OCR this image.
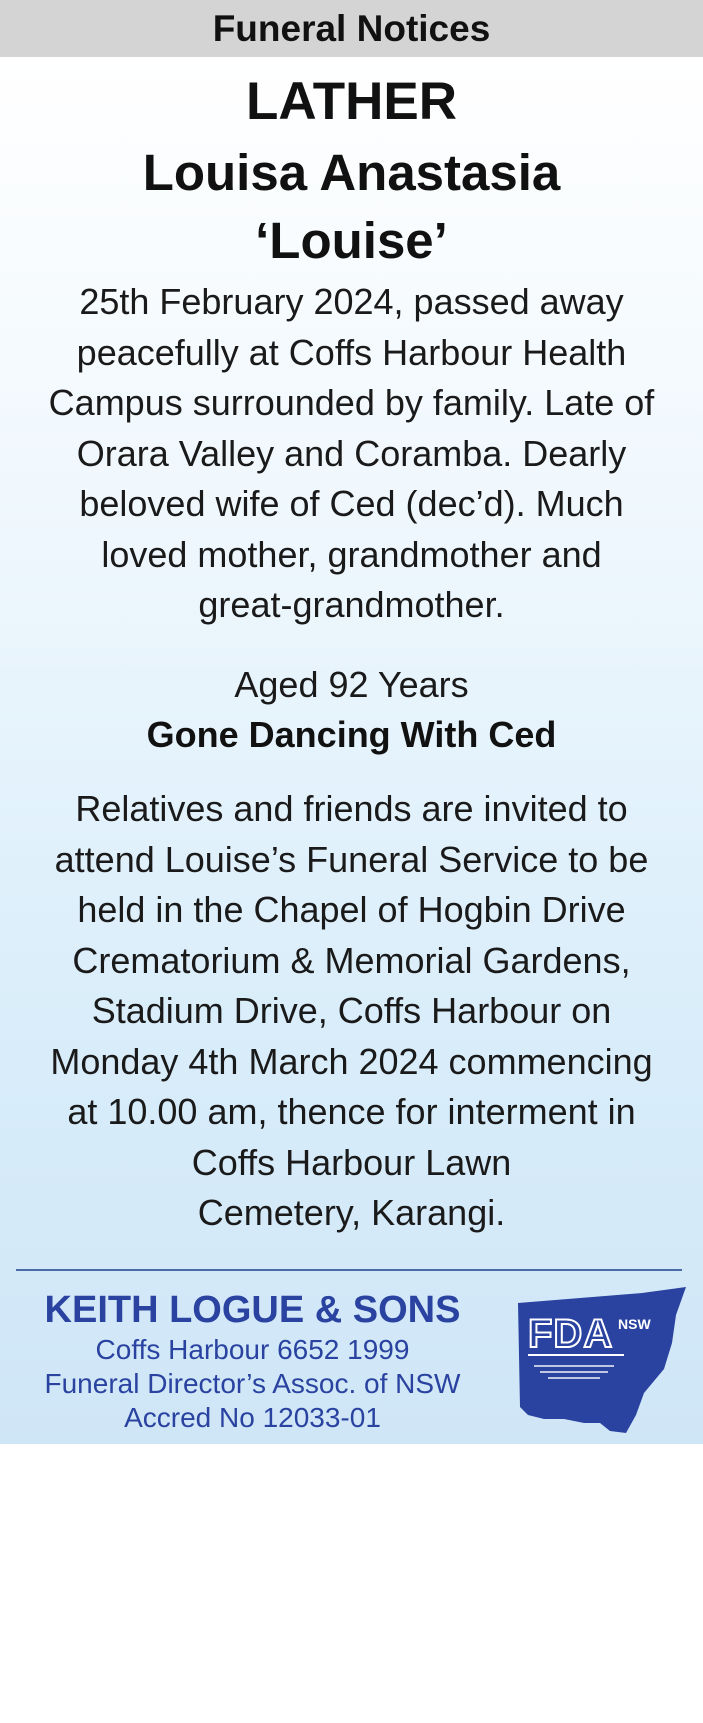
Funeral Notices
LATHER
Louisa Anastasia
‘Louise’
25th February 2024, passed away
peacefully at Coffs Harbour Health
Campus surrounded by family. Late of
Orara Valley and Coramba. Dearly
beloved wife of Ced (dec’d). Much
loved mother, grandmother and
great-grandmother.
Aged 92 Years
Gone Dancing With Ced
Relatives and friends are invited to
attend Louise’s Funeral Service to be
held in the Chapel of Hogbin Drive
Crematorium & Memorial Gardens,
Stadium Drive, Coffs Harbour on
Monday 4th March 2024 commencing
at 10.00 am, thence for interment in
Coffs Harbour Lawn
Cemetery, Karangi.
KEITH LOGUE & SONS
Coffs Harbour 6652 1999
Funeral Director’s Assoc. of NSW
Accred No 12033-01
FDA NSW
